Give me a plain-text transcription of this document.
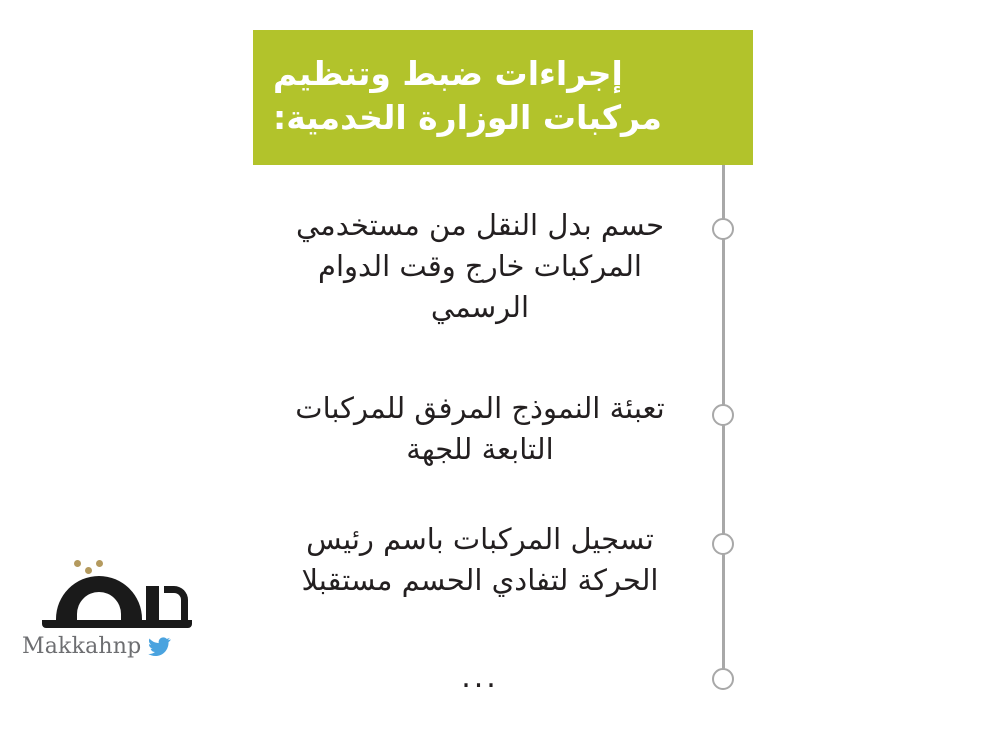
إجراءات ضبط وتنظيم
مركبات الوزارة الخدمية:
حسم بدل النقل من مستخدمي المركبات خارج وقت الدوام الرسمي
تعبئة النموذج المرفق للمركبات التابعة للجهة
تسجيل المركبات باسم رئيس الحركة لتفادي الحسم مستقبلا
...
Makkahnp
